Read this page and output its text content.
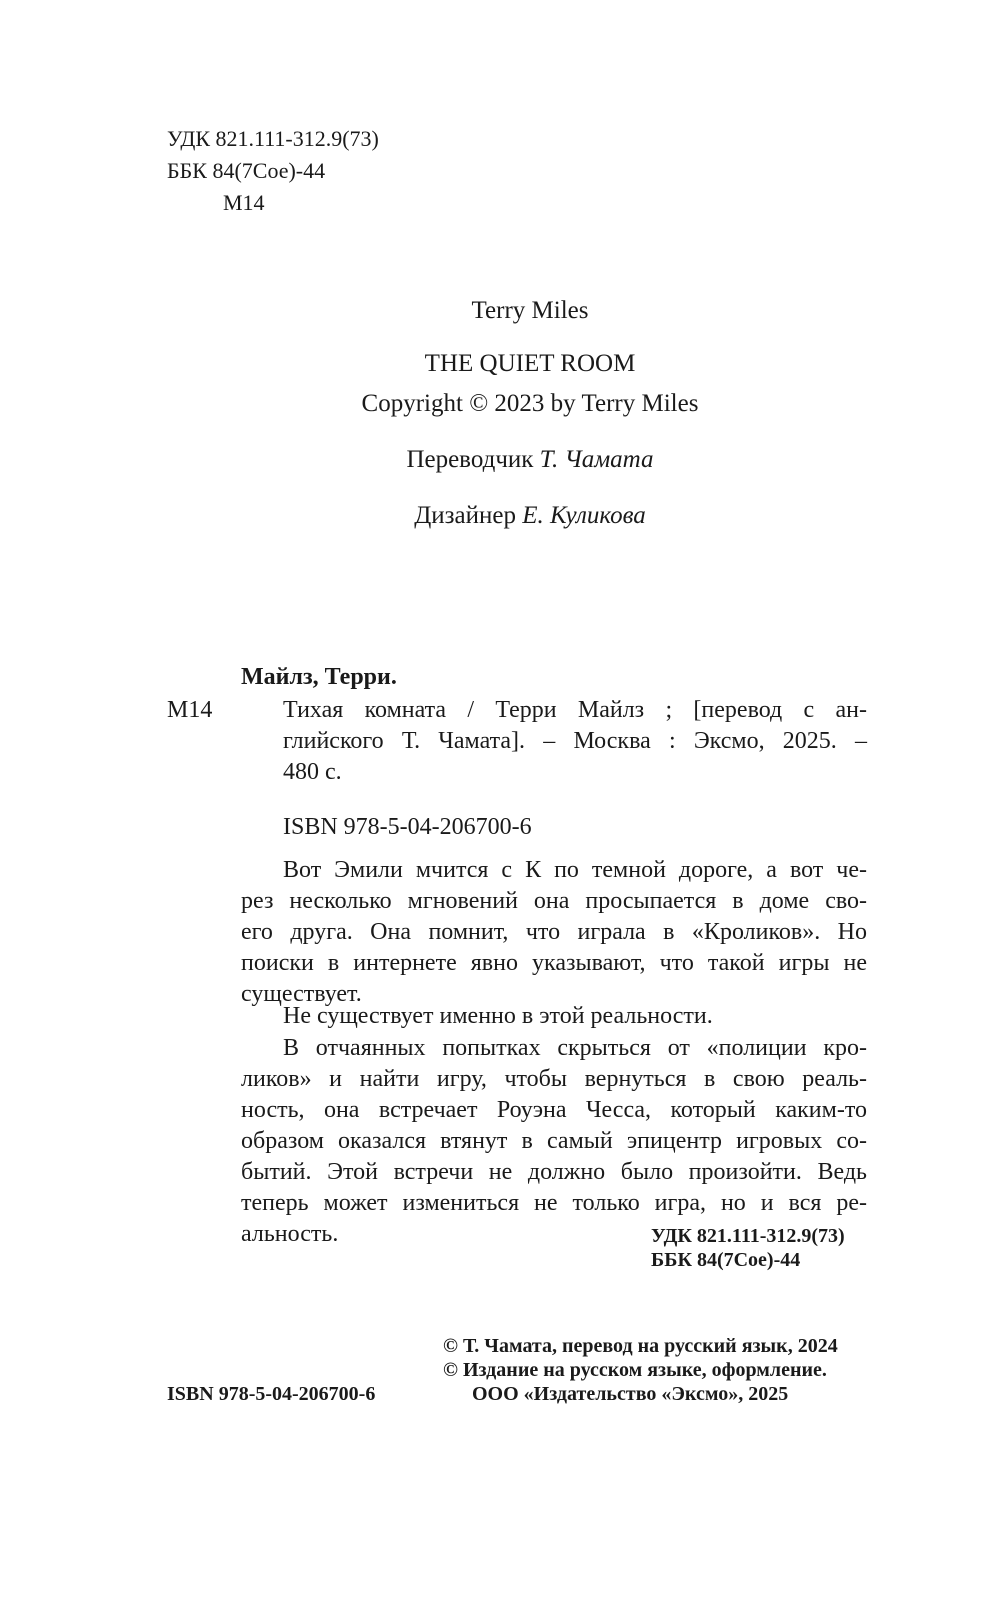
УДК 821.111-312.9(73)
ББК 84(7Сое)-44
М14
Terry Miles
THE QUIET ROOM
Copyright © 2023 by Terry Miles
Переводчик Т. Чамата
Дизайнер Е. Куликова
Майлз, Терри.
М14	Тихая комната / Терри Майлз ; [перевод с ан-
глийского Т. Чамата]. – Москва : Эксмо, 2025. –
480 с.
ISBN 978-5-04-206700-6
Вот Эмили мчится с К по темной дороге, а вот че-
рез несколько мгновений она просыпается в доме сво-
его друга. Она помнит, что играла в «Кроликов». Но
поиски в интернете явно указывают, что такой игры не
существует.
Не существует именно в этой реальности.
В отчаянных попытках скрыться от «полиции кро-
ликов» и найти игру, чтобы вернуться в свою реаль-
ность, она встречает Роуэна Чесса, который каким-то
образом оказался втянут в самый эпицентр игровых со-
бытий. Этой встречи не должно было произойти. Ведь
теперь может измениться не только игра, но и вся ре-
альность.	УДК 821.111-312.9(73)
ББК 84(7Сое)-44
ISBN 978-5-04-206700-6
© Т. Чамата, перевод на русский язык, 2024
© Издание на русском языке, оформление.
ООО «Издательство «Эксмо», 2025
